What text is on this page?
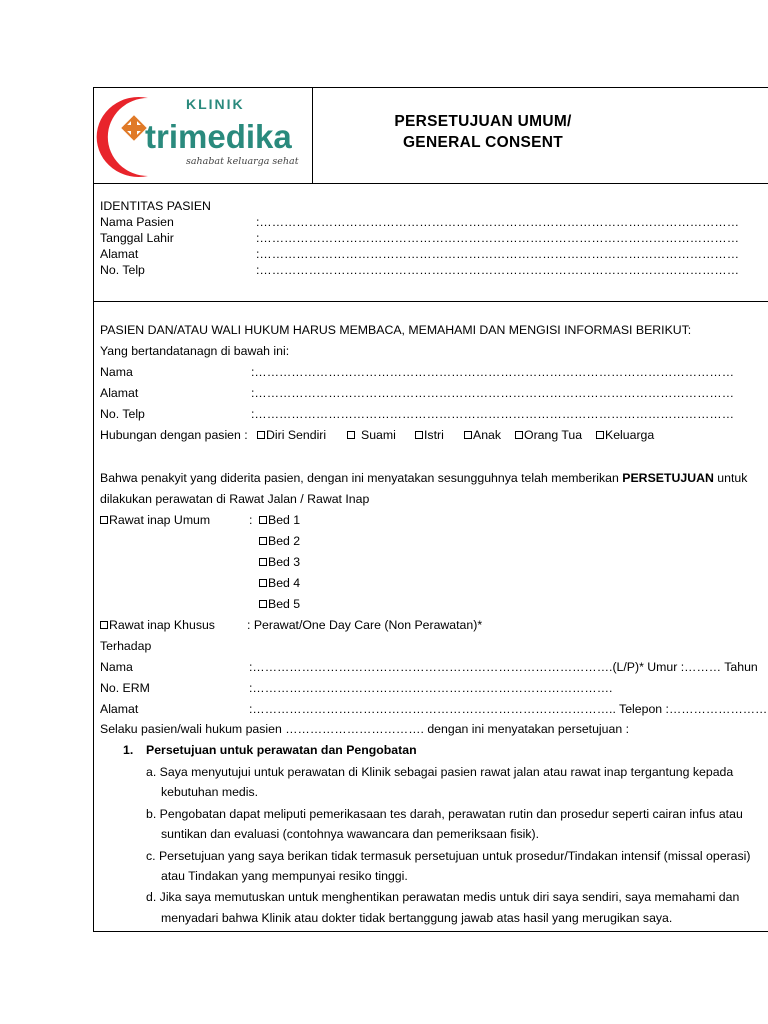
KLINIK
trimedika
sahabat keluarga sehat
PERSETUJUAN UMUM/
GENERAL CONSENT
IDENTITAS PASIEN
Nama Pasien	:………………………………………………………………………………………………………
Tanggal Lahir	:………………………………………………………………………………………………………
Alamat	:………………………………………………………………………………………………………
No. Telp	:………………………………………………………………………………………………………
PASIEN DAN/ATAU WALI HUKUM HARUS MEMBACA, MEMAHAMI DAN MENGISI INFORMASI BERIKUT:
Yang bertandatanagn di bawah ini:
Nama	:………………………………………………………………………………………………………
Alamat	:………………………………………………………………………………………………………
No. Telp	:………………………………………………………………………………………………………
Hubungan dengan pasien :	Diri Sendiri	Suami	Istri	Anak	Orang Tua	Keluarga
Bahwa penakyit yang diderita pasien, dengan ini menyatakan sesungguhnya telah memberikan PERSETUJUAN untuk
dilakukan perawatan di Rawat Jalan / Rawat Inap
Rawat inap Umum	:	Bed 1
Bed 2
Bed 3
Bed 4
Bed 5
Rawat inap Khusus	: Perawat/One Day Care (Non Perawatan)*
Terhadap
Nama	:…………………………………………………………………………….(L/P)* Umur :……… Tahun
No. ERM	:…………………………………………………………………………….
Alamat	:…………………………………………………………………………….. Telepon :……………………
Selaku pasien/wali hukum pasien ……………………………. dengan ini menyatakan persetujuan :
1. Persetujuan untuk perawatan dan Pengobatan
a. Saya menyutujui untuk perawatan di Klinik sebagai pasien rawat jalan atau rawat inap tergantung kepada
kebutuhan medis.
b. Pengobatan dapat meliputi pemerikasaan tes darah, perawatan rutin dan prosedur seperti cairan infus atau
suntikan dan evaluasi (contohnya wawancara dan pemeriksaan fisik).
c. Persetujuan yang saya berikan tidak termasuk persetujuan untuk prosedur/Tindakan intensif (missal operasi)
atau Tindakan yang mempunyai resiko tinggi.
d. Jika saya memutuskan untuk menghentikan perawatan medis untuk diri saya sendiri, saya memahami dan
menyadari bahwa Klinik atau dokter tidak bertanggung jawab atas hasil yang merugikan saya.
